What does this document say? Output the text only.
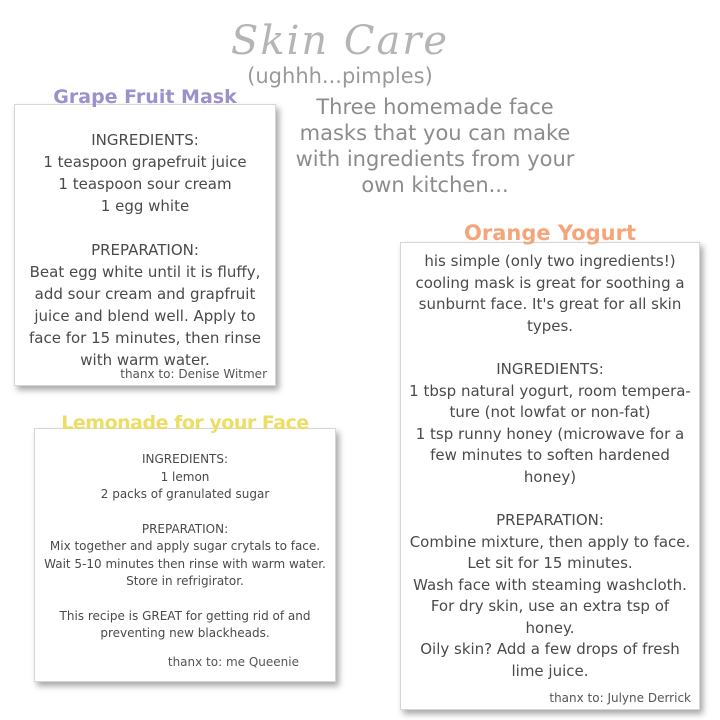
Skin Care
(ughhh...pimples)
Three homemade face
masks that you can make
with ingredients from your
own kitchen...
Grape Fruit Mask
INGREDIENTS:
1 teaspoon grapefruit juice
1 teaspoon sour cream
1 egg white
PREPARATION:
Beat egg white until it is fluffy,
add sour cream and grapfruit
juice and blend well. Apply to
face for 15 minutes, then rinse
with warm water.
thanx to: Denise Witmer
Orange Yogurt
his simple (only two ingredients!)
cooling mask is great for soothing a
sunburnt face. It's great for all skin
types.
INGREDIENTS:
1 tbsp natural yogurt, room tempera-
ture (not lowfat or non-fat)
1 tsp runny honey (microwave for a
few minutes to soften hardened
honey)
PREPARATION:
Combine mixture, then apply to face.
Let sit for 15 minutes.
Wash face with steaming washcloth.
For dry skin, use an extra tsp of
honey.
Oily skin? Add a few drops of fresh
lime juice.
thanx to: Julyne Derrick
Lemonade for your Face
INGREDIENTS:
1 lemon
2 packs of granulated sugar
PREPARATION:
Mix together and apply sugar crytals to face.
Wait 5-10 minutes then rinse with warm water.
Store in refrigirator.
This recipe is GREAT for getting rid of and
preventing new blackheads.
thanx to: me Queenie
